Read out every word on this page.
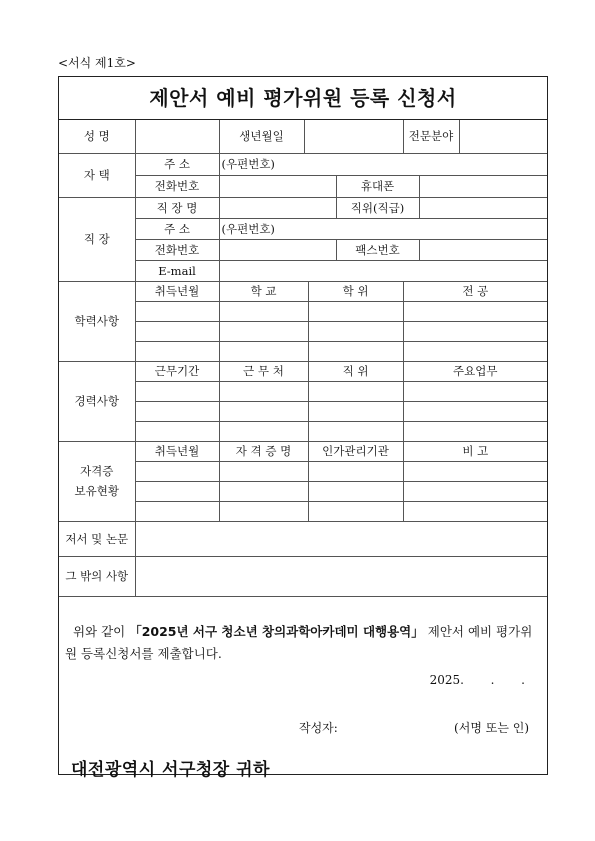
<서식 제1호>
제안서 예비 평가위원 등록 신청서
성 명		생년월일				전문분야		
자 택	주 소	(우편번호)						
	전화번호				휴대폰			
직 장	직 장 명				직위(직급)			
	주 소	(우편번호)						
	전화번호				팩스번호			
	E-mail							
학력사항	취득년월	학 교		학 위		전 공		

경력사항	근무기간	근 무 처		직 위		주요업무		

자격증
보유현황	취득년월	자 격 증 명		인가관리기관		비 고		

저서 및 논문								
그 밖의 사항								
위와 같이 「2025년 서구 청소년 창의과학아카데미 대행용역」 제안서 예비 평가위원 등록신청서를 제출합니다.
2025.       .       .
작성자:	(서명 또는 인)
대전광역시 서구청장 귀하
